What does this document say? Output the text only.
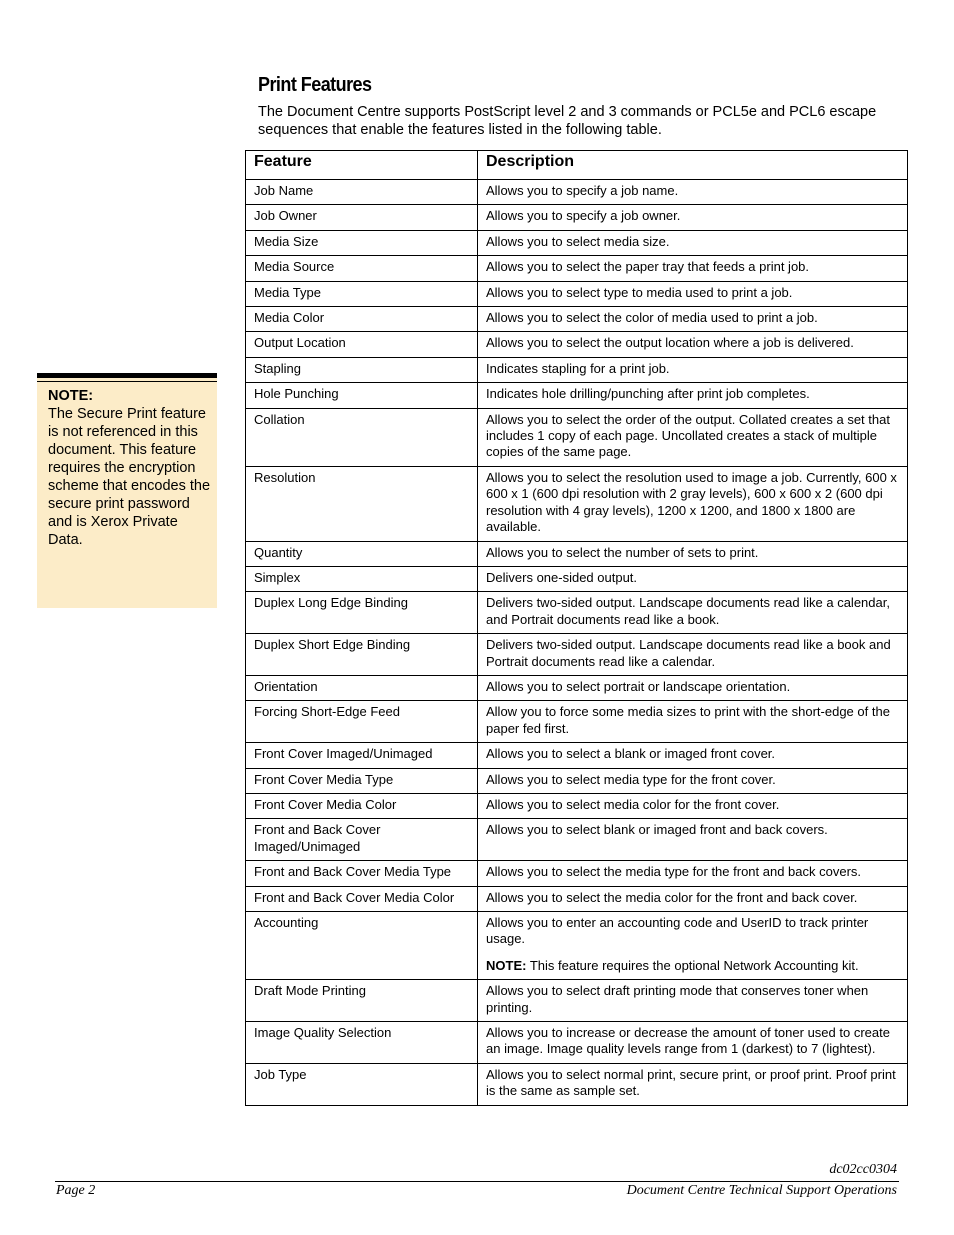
Print Features

The Document Centre supports PostScript level 2 and 3 commands or PCL5e and PCL6 escape sequences that enable the features listed in the following table.

NOTE:
The Secure Print feature is not referenced in this document. This feature requires the encryption scheme that encodes the secure print password and is Xerox Private Data.
Feature	Description
Job Name	Allows you to specify a job name.
Job Owner	Allows you to specify a job owner.
Media Size	Allows you to select media size.
Media Source	Allows you to select the paper tray that feeds a print job.
Media Type	Allows you to select type to media used to print a job.
Media Color	Allows you to select the color of media used to print a job.
Output Location	Allows you to select the output location where a job is delivered.
Stapling	Indicates stapling for a print job.
Hole Punching	Indicates hole drilling/punching after print job completes.
Collation	Allows you to select the order of the output. Collated creates a set that includes 1 copy of each page. Uncollated creates a stack of multiple copies of the same page.
Resolution	Allows you to select the resolution used to image a job. Currently, 600 x 600 x 1 (600 dpi resolution with 2 gray levels), 600 x 600 x 2 (600 dpi resolution with 4 gray levels), 1200 x 1200, and 1800 x 1800 are available.
Quantity	Allows you to select the number of sets to print.
Simplex	Delivers one-sided output.
Duplex Long Edge Binding	Delivers two-sided output. Landscape documents read like a calendar, and Portrait documents read like a book.
Duplex Short Edge Binding	Delivers two-sided output. Landscape documents read like a book and Portrait documents read like a calendar.
Orientation	Allows you to select portrait or landscape orientation.
Forcing Short-Edge Feed	Allow you to force some media sizes to print with the short-edge of the paper fed first.
Front Cover Imaged/Unimaged	Allows you to select a blank or imaged front cover.
Front Cover Media Type	Allows you to select media type for the front cover.
Front Cover Media Color	Allows you to select media color for the front cover.
Front and Back Cover Imaged/Unimaged	Allows you to select blank or imaged front and back covers.
Front and Back Cover Media Type	Allows you to select the media type for the front and back covers.
Front and Back Cover Media Color	Allows you to select the media color for the front and back cover.
Accounting	Allows you to enter an accounting code and UserID to track printer usage.
NOTE: This feature requires the optional Network Accounting kit.

Draft Mode Printing	Allows you to select draft printing mode that conserves toner when printing.
Image Quality Selection	Allows you to increase or decrease the amount of toner used to create an image. Image quality levels range from 1 (darkest) to 7 (lightest).
Job Type	Allows you to select normal print, secure print, or proof print. Proof print is the same as sample set.
dc02cc0304
Page 2	Document Centre Technical Support Operations
